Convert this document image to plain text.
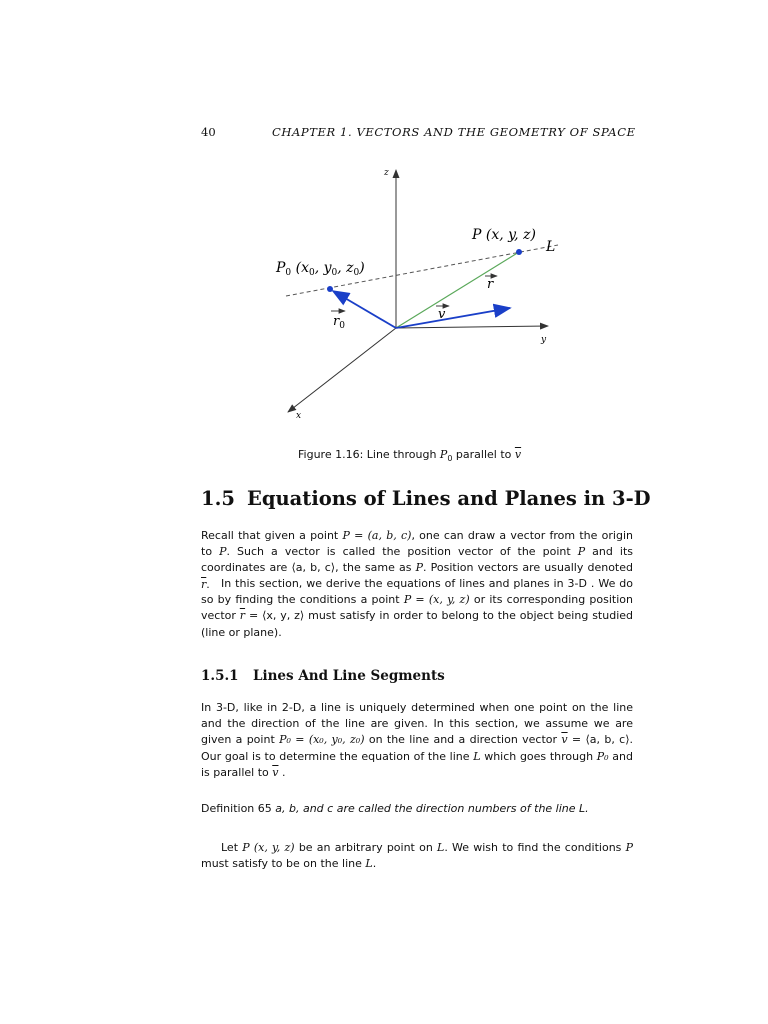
40	CHAPTER 1. VECTORS AND THE GEOMETRY OF SPACE
z
y
x
P (x, y, z)
L
$P_0$ ($x_0$, $y_0$, $z_0$)
r
$r_0$
v
Figure 1.16: Line through $P_0$ parallel to $\overline{v}$
1.5 Equations of Lines and Planes in 3-D
Recall that given a point P = (a, b, c), one can draw a vector from the origin to P. Such a vector is called the position vector of the point P and its coordinates are ⟨a, b, c⟩, the same as P. Position vectors are usually denoted $\overline{r}$.	In this section, we derive the equations of lines and planes in 3-D . We do so by finding the conditions a point P = (x, y, z) or its corresponding position vector $\overline{r}$ = ⟨x, y, z⟩ must satisfy in order to belong to the object being studied (line or plane).
1.5.1 Lines And Line Segments
In 3-D, like in 2-D, a line is uniquely determined when one point on the line and the direction of the line are given. In this section, we assume we are given a point P₀ = (x₀, y₀, z₀) on the line and a direction vector $\overline{v}$ = ⟨a, b, c⟩. Our goal is to determine the equation of the line L which goes through P₀ and is parallel to $\overline{v}$ .
Definition 65 a, b, and c are called the direction numbers of the line L.
Let P (x, y, z) be an arbitrary point on L. We wish to find the conditions P must satisfy to be on the line L.
